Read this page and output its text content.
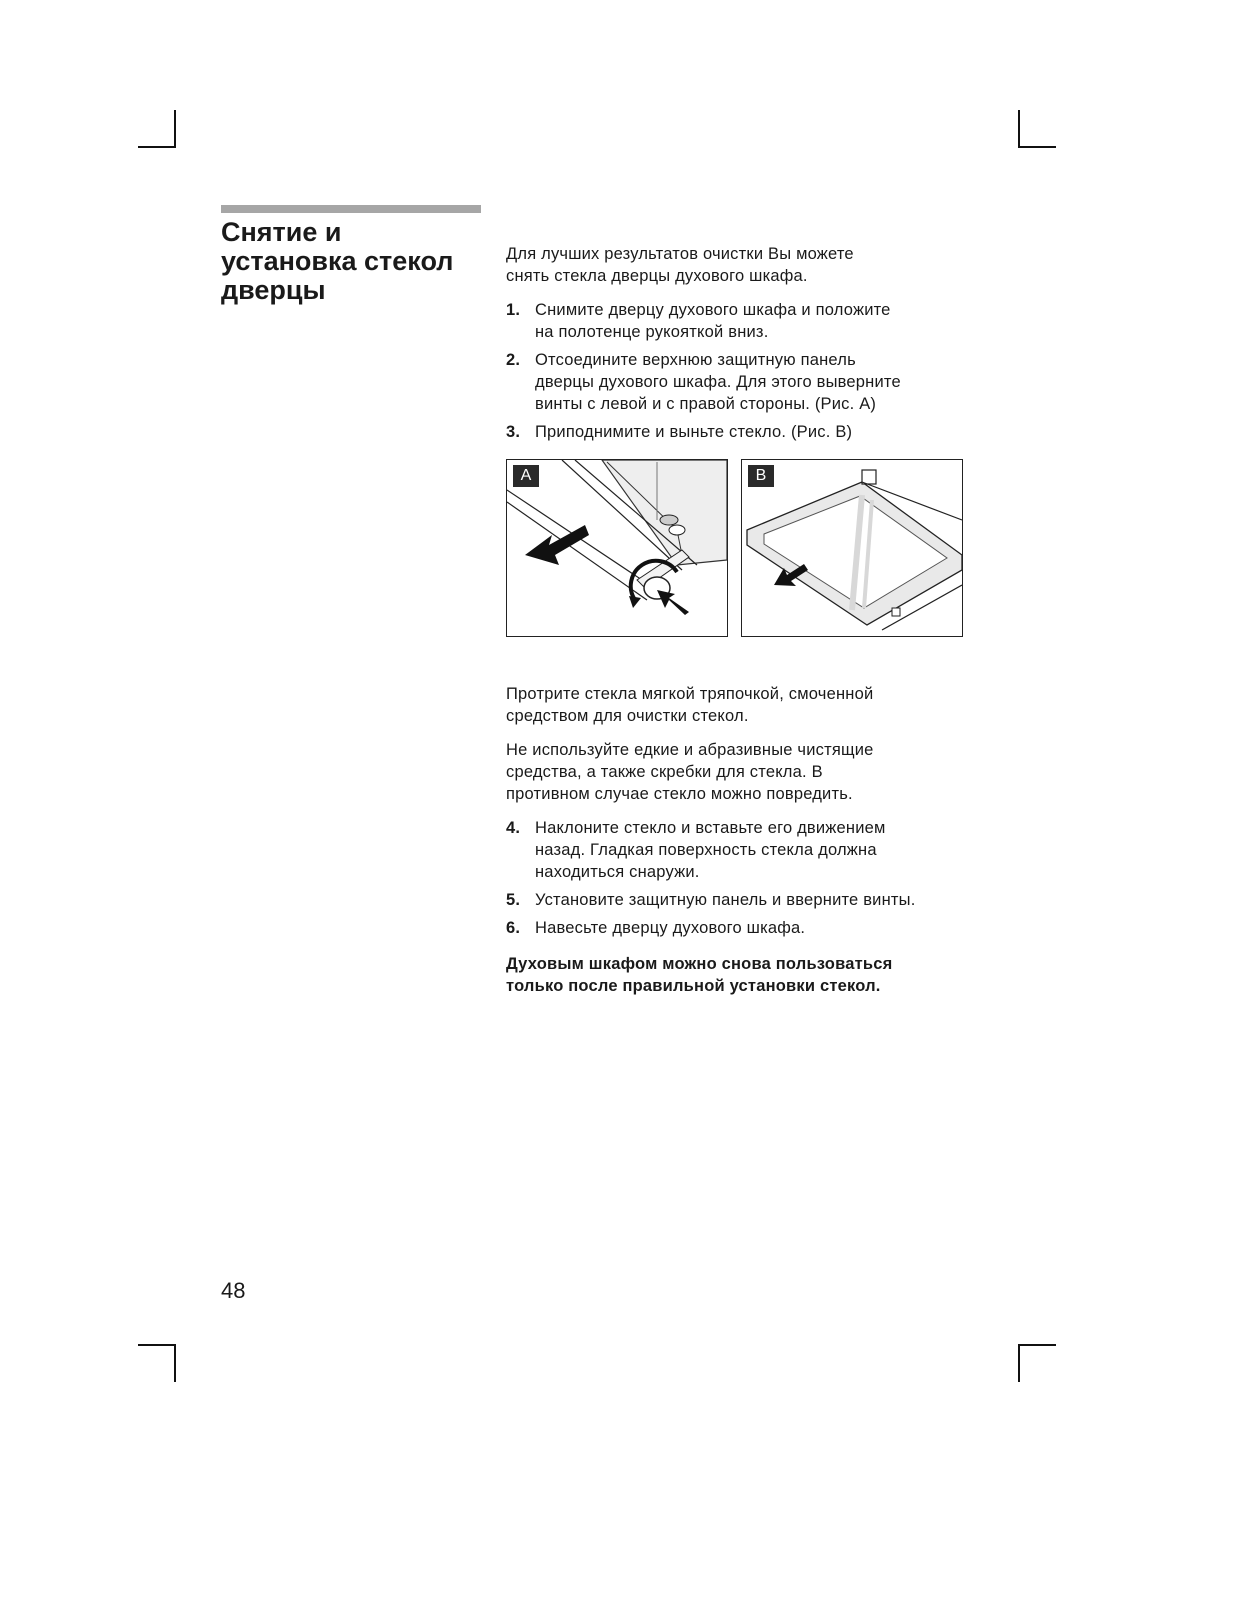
Снятие и
установка стекол
дверцы

Для лучших результатов очистки Вы можете
снять стекла дверцы духового шкафа.

1. Снимите дверцу духового шкафа и положите
на полотенце рукояткой вниз.
2. Отсоедините верхнюю защитную панель
дверцы духового шкафа. Для этого выверните
винты с левой и с правой стороны. (Рис. А)
3. Приподнимите и выньте стекло. (Рис. В)
A	B

Протрите стекла мягкой тряпочкой, смоченной
средством для очистки стекол.

Не используйте едкие и абразивные чистящие
средства, а также скребки для стекла. В
противном случае стекло можно повредить.

4. Наклоните стекло и вставьте его движением
назад. Гладкая поверхность стекла должна
находиться снаружи.
5. Установите защитную панель и вверните винты.
6. Навесьте дверцу духового шкафа.

Духовым шкафом можно снова пользоваться
только после правильной установки стекол.

48
